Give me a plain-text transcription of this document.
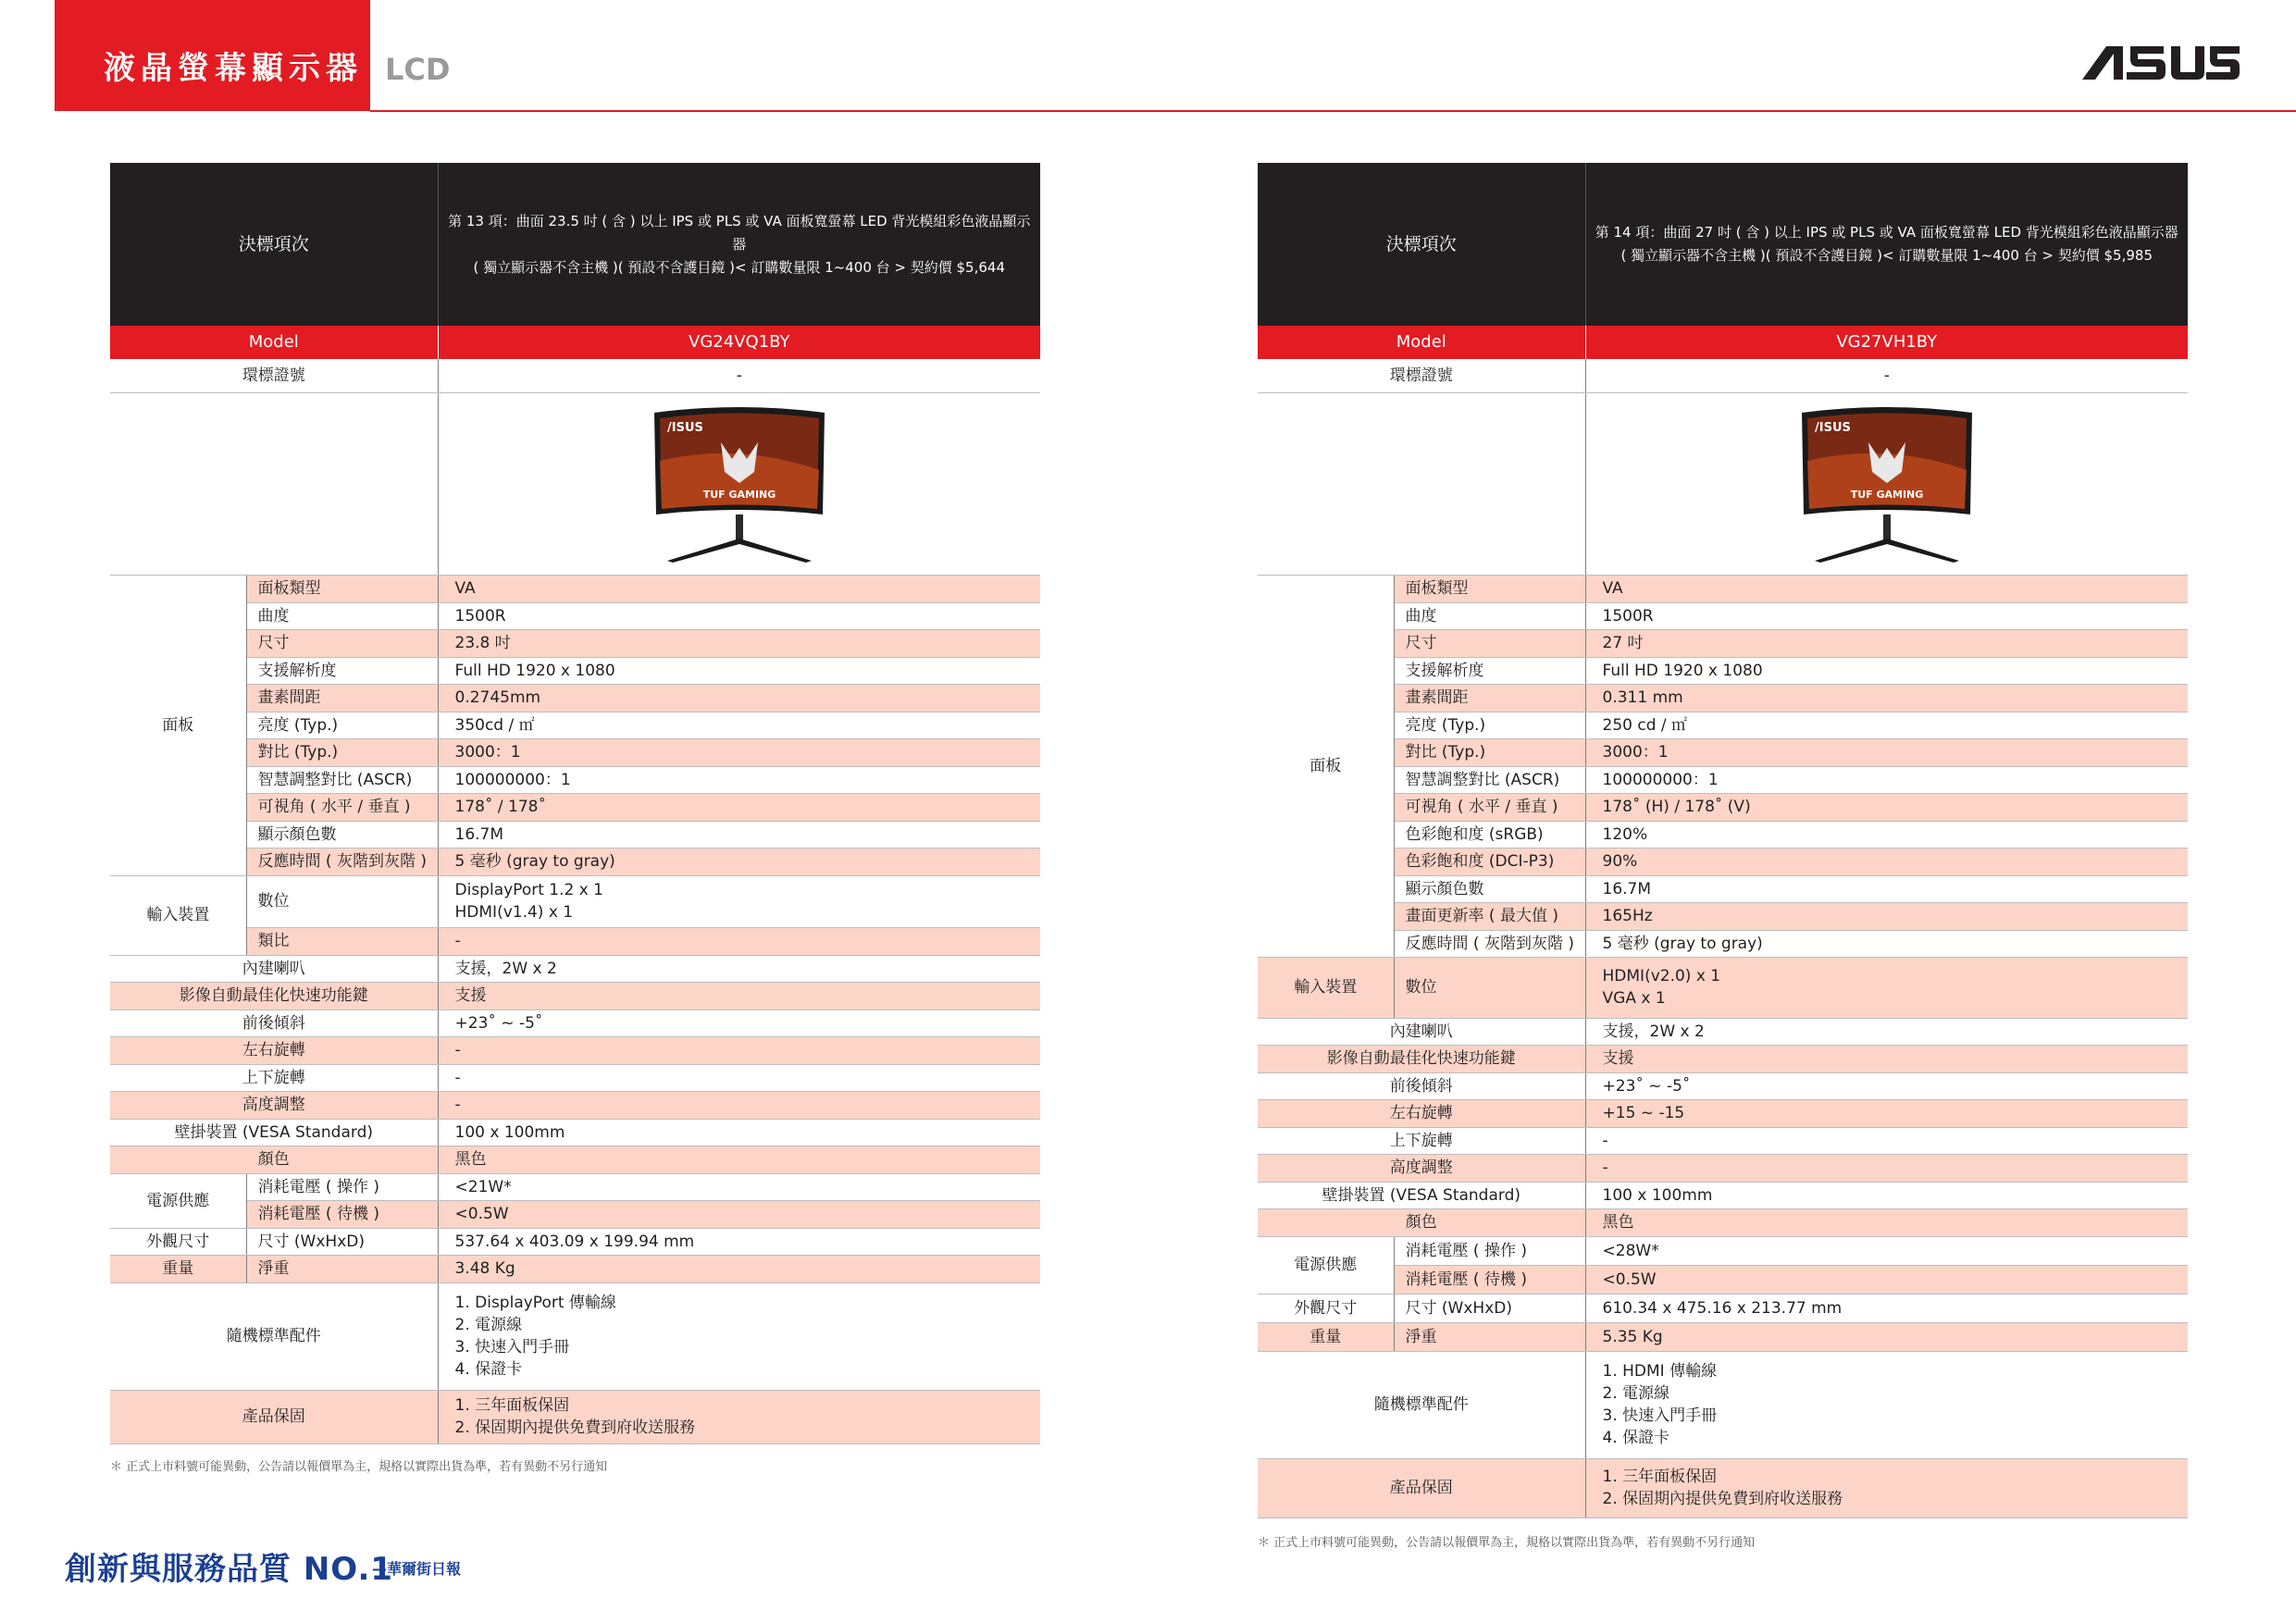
液晶螢幕顯示器 LCD
決標項次		第 13 項：曲面 23.5 吋 ( 含 ) 以上 IPS 或 PLS 或 VA 面板寬螢幕 LED 背光模組彩色液晶顯示器
( 獨立顯示器不含主機 )( 預設不含護目鏡 )< 訂購數量限 1~400 台 > 契約價 $5,644

Model		VG24VQ1BY
環標證號		-

/ISUS
TUF GAMING

面板	面板類型	VA
	曲度	1500R
	尺寸	23.8 吋
	支援解析度	Full HD 1920 x 1080
	畫素間距	0.2745mm
	亮度 (Typ.)	350cd / ㎡
	對比 (Typ.)	3000：1
	智慧調整對比 (ASCR)	100000000：1
	可視角 ( 水平 / 垂直 )	178˚ / 178˚
	顯示顏色數	16.7M
	反應時間 ( 灰階到灰階 )	5 毫秒 (gray to gray)
輸入裝置	數位	DisplayPort 1.2 x 1
HDMI(v1.4) x 1

	類比	-
內建喇叭		支援，2W x 2
影像自動最佳化快速功能鍵		支援
前後傾斜		+23˚ ~ -5˚
左右旋轉		-
上下旋轉		-
高度調整		-
壁掛裝置 (VESA Standard)		100 x 100mm
顏色		黑色
電源供應	消耗電壓 ( 操作 )	<21W*
	消耗電壓 ( 待機 )	<0.5W
外觀尺寸	尺寸 (WxHxD)	537.64 x 403.09 x 199.94 mm
重量	淨重	3.48 Kg
隨機標準配件		1. DisplayPort 傳輸線
2. 電源線
3. 快速入門手冊
4. 保證卡

產品保固		1. 三年面板保固
2. 保固期內提供免費到府收送服務
＊ 正式上市料號可能異動，公告請以報價單為主，規格以實際出貨為準，若有異動不另行通知
決標項次		第 14 項：曲面 27 吋 ( 含 ) 以上 IPS 或 PLS 或 VA 面板寬螢幕 LED 背光模組彩色液晶顯示器
( 獨立顯示器不含主機 )( 預設不含護目鏡 )< 訂購數量限 1~400 台 > 契約價 $5,985

Model		VG27VH1BY
環標證號		-

/ISUS
TUF GAMING

面板	面板類型	VA
	曲度	1500R
	尺寸	27 吋
	支援解析度	Full HD 1920 x 1080
	畫素間距	0.311 mm
	亮度 (Typ.)	250 cd / ㎡
	對比 (Typ.)	3000：1
	智慧調整對比 (ASCR)	100000000：1
	可視角 ( 水平 / 垂直 )	178˚ (H) / 178˚ (V)
	色彩飽和度 (sRGB)	120%
	色彩飽和度 (DCI-P3)	90%
	顯示顏色數	16.7M
	畫面更新率 ( 最大值 )	165Hz
	反應時間 ( 灰階到灰階 )	5 毫秒 (gray to gray)
輸入裝置	數位	HDMI(v2.0) x 1
VGA x 1

內建喇叭		支援，2W x 2
影像自動最佳化快速功能鍵		支援
前後傾斜		+23˚ ~ -5˚
左右旋轉		+15 ~ -15
上下旋轉		-
高度調整		-
壁掛裝置 (VESA Standard)		100 x 100mm
顏色		黑色
電源供應	消耗電壓 ( 操作 )	<28W*
	消耗電壓 ( 待機 )	<0.5W
外觀尺寸	尺寸 (WxHxD)	610.34 x 475.16 x 213.77 mm
重量	淨重	5.35 Kg
隨機標準配件		1. HDMI 傳輸線
2. 電源線
3. 快速入門手冊
4. 保證卡

產品保固		1. 三年面板保固
2. 保固期內提供免費到府收送服務
＊ 正式上市料號可能異動，公告請以報價單為主，規格以實際出貨為準，若有異動不另行通知
創新與服務品質 NO.1
—華爾街日報
